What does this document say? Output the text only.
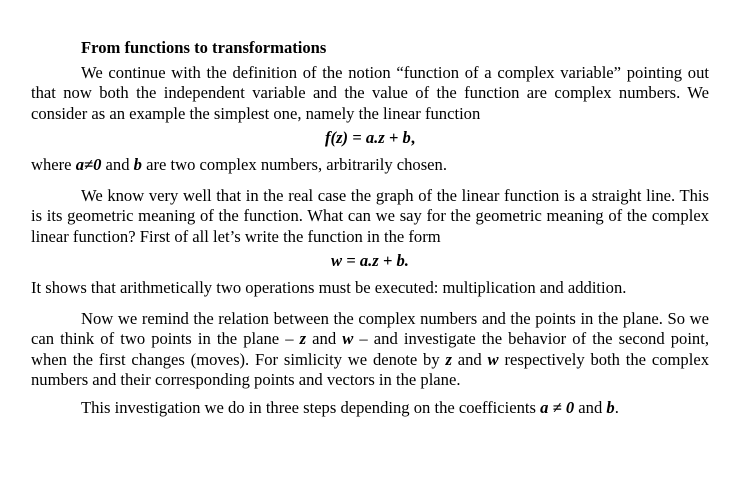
From functions to transformations

We continue with the definition of the notion “function of a complex variable” pointing out that now both the independent variable and the value of the function are complex numbers. We consider as an example the simplest one, namely the linear function

f(z) = a.z + b,

where a≠0 and b are two complex numbers, arbitrarily chosen.

We know very well that in the real case the graph of the linear function is a straight line. This is its geometric meaning of the function. What can we say for the geometric meaning of the complex linear function? First of all let’s write the function in the form

w = a.z + b.

It shows that arithmetically two operations must be executed: multiplication and addition.

Now we remind the relation between the complex numbers and the points in the plane. So we can think of two points in the plane – z and w – and investigate the behavior of the second point, when the first changes (moves). For simlicity we denote by z and w respectively both the complex numbers and their corresponding points and vectors in the plane.

This investigation we do in three steps depending on the coefficients a ≠ 0 and b.
